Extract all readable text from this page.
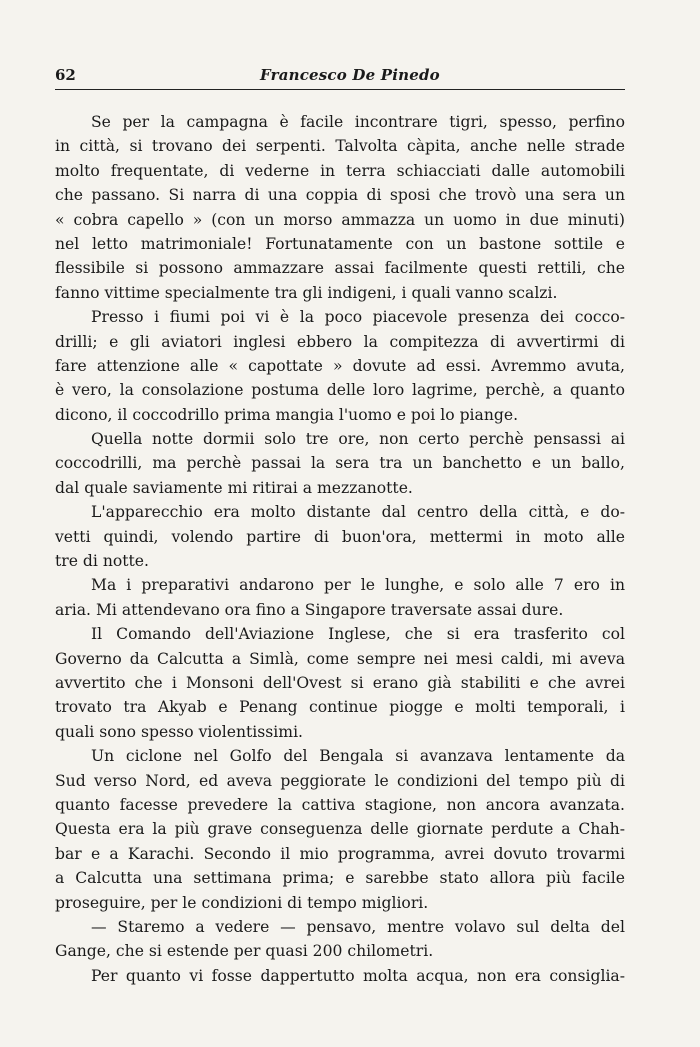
62	Francesco De Pinedo
Se per la campagna è facile incontrare tigri, spesso, perfino
in città, si trovano dei serpenti. Talvolta càpita, anche nelle strade
molto frequentate, di vederne in terra schiacciati dalle automobili
che passano. Si narra di una coppia di sposi che trovò una sera un
« cobra capello » (con un morso ammazza un uomo in due minuti)
nel letto matrimoniale! Fortunatamente con un bastone sottile e
flessibile si possono ammazzare assai facilmente questi rettili, che
fanno vittime specialmente tra gli indigeni, i quali vanno scalzi.
Presso i fiumi poi vi è la poco piacevole presenza dei cocco-
drilli; e gli aviatori inglesi ebbero la compitezza di avvertirmi di
fare attenzione alle « capottate » dovute ad essi. Avremmo avuta,
è vero, la consolazione postuma delle loro lagrime, perchè, a quanto
dicono, il coccodrillo prima mangia l'uomo e poi lo piange.
Quella notte dormii solo tre ore, non certo perchè pensassi ai
coccodrilli, ma perchè passai la sera tra un banchetto e un ballo,
dal quale saviamente mi ritirai a mezzanotte.
L'apparecchio era molto distante dal centro della città, e do-
vetti quindi, volendo partire di buon'ora, mettermi in moto alle
tre di notte.
Ma i preparativi andarono per le lunghe, e solo alle 7 ero in
aria. Mi attendevano ora fino a Singapore traversate assai dure.
Il Comando dell'Aviazione Inglese, che si era trasferito col
Governo da Calcutta a Simlà, come sempre nei mesi caldi, mi aveva
avvertito che i Monsoni dell'Ovest si erano già stabiliti e che avrei
trovato tra Akyab e Penang continue piogge e molti temporali, i
quali sono spesso violentissimi.
Un ciclone nel Golfo del Bengala si avanzava lentamente da
Sud verso Nord, ed aveva peggiorate le condizioni del tempo più di
quanto facesse prevedere la cattiva stagione, non ancora avanzata.
Questa era la più grave conseguenza delle giornate perdute a Chah-
bar e a Karachi. Secondo il mio programma, avrei dovuto trovarmi
a Calcutta una settimana prima; e sarebbe stato allora più facile
proseguire, per le condizioni di tempo migliori.
— Staremo a vedere — pensavo, mentre volavo sul delta del
Gange, che si estende per quasi 200 chilometri.
Per quanto vi fosse dappertutto molta acqua, non era consiglia-
